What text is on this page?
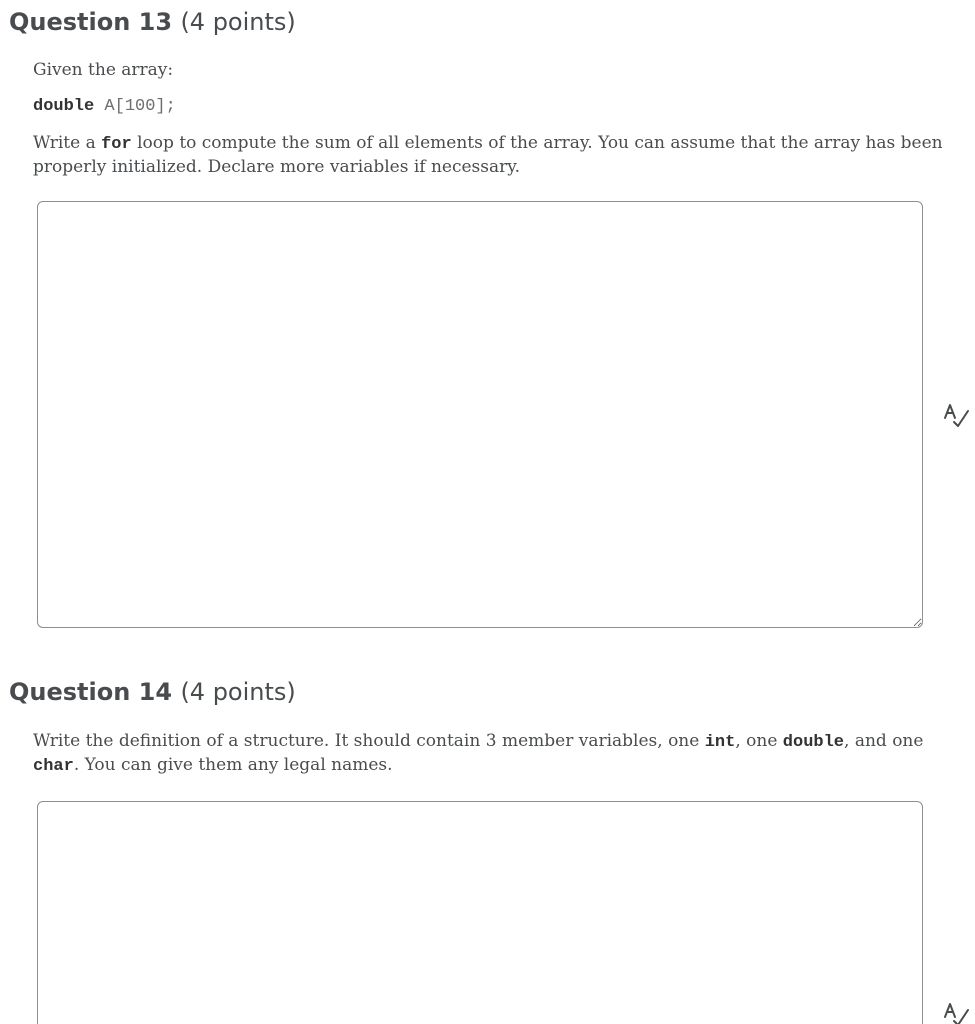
Question 13 (4 points)

Given the array:

double A[100];

Write a for loop to compute the sum of all elements of the array. You can assume that the array has been properly initialized. Declare more variables if necessary.

Question 14 (4 points)

Write the definition of a structure. It should contain 3 member variables, one int, one double, and one char. You can give them any legal names.
